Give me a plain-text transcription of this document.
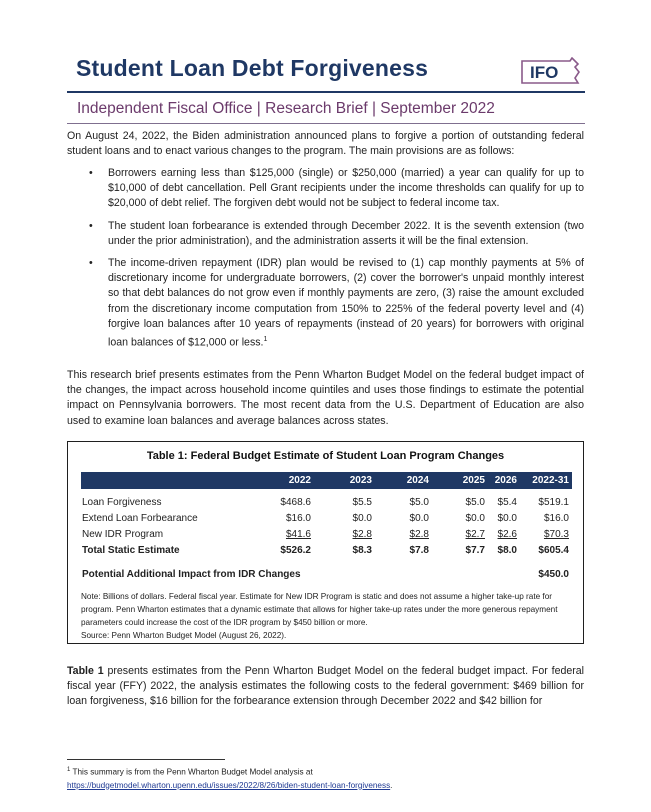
Student Loan Debt Forgiveness	IFO
Independent Fiscal Office | Research Brief | September 2022
On August 24, 2022, the Biden administration announced plans to forgive a portion of outstanding federal student loans and to enact various changes to the program. The main provisions are as follows:
• Borrowers earning less than $125,000 (single) or $250,000 (married) a year can qualify for up to $10,000 of debt cancellation. Pell Grant recipients under the income thresholds can qualify for up to $20,000 of debt relief. The forgiven debt would not be subject to federal income tax.
• The student loan forbearance is extended through December 2022. It is the seventh extension (two under the prior administration), and the administration asserts it will be the final extension.
• The income-driven repayment (IDR) plan would be revised to (1) cap monthly payments at 5% of discretionary income for undergraduate borrowers, (2) cover the borrower's unpaid monthly interest so that debt balances do not grow even if monthly payments are zero, (3) raise the amount excluded from the discretionary income computation from 150% to 225% of the federal poverty level and (4) forgive loan balances after 10 years of repayments (instead of 20 years) for borrowers with original loan balances of $12,000 or less.$^1$
This research brief presents estimates from the Penn Wharton Budget Model on the federal budget impact of the changes, the impact across household income quintiles and uses those findings to estimate the potential impact on Pennsylvania borrowers. The most recent data from the U.S. Department of Education are also used to examine loan balances and average balances across states.
Table 1: Federal Budget Estimate of Student Loan Program Changes
2022	2023	2024	2025 2026 2022-31
Loan Forgiveness	$468.6	$5.5	$5.0	$5.0 $5.4 $519.1
Extend Loan Forbearance	$16.0	$0.0	$0.0	$0.0 $0.0	$16.0
New IDR Program	$41.6	$2.8	$2.8	$2.7 $2.6	$70.3
Total Static Estimate	$526.2	$8.3	$7.8	$7.7 $8.0 $605.4
Potential Additional Impact from IDR Changes	$450.0
Note: Billions of dollars. Federal fiscal year. Estimate for New IDR Program is static and does not assume a higher take-up rate for program. Penn Wharton estimates that a dynamic estimate that allows for higher take-up rates under the more generous repayment parameters could increase the cost of the IDR program by $450 billion or more.
Source: Penn Wharton Budget Model (August 26, 2022).
Table 1 presents estimates from the Penn Wharton Budget Model on the federal budget impact. For federal fiscal year (FFY) 2022, the analysis estimates the following costs to the federal government: $469 billion for loan forgiveness, $16 billion for the forbearance extension through December 2022 and $42 billion for
$^1$ This summary is from the Penn Wharton Budget Model analysis at
https://budgetmodel.wharton.upenn.edu/issues/2022/8/26/biden-student-loan-forgiveness.
